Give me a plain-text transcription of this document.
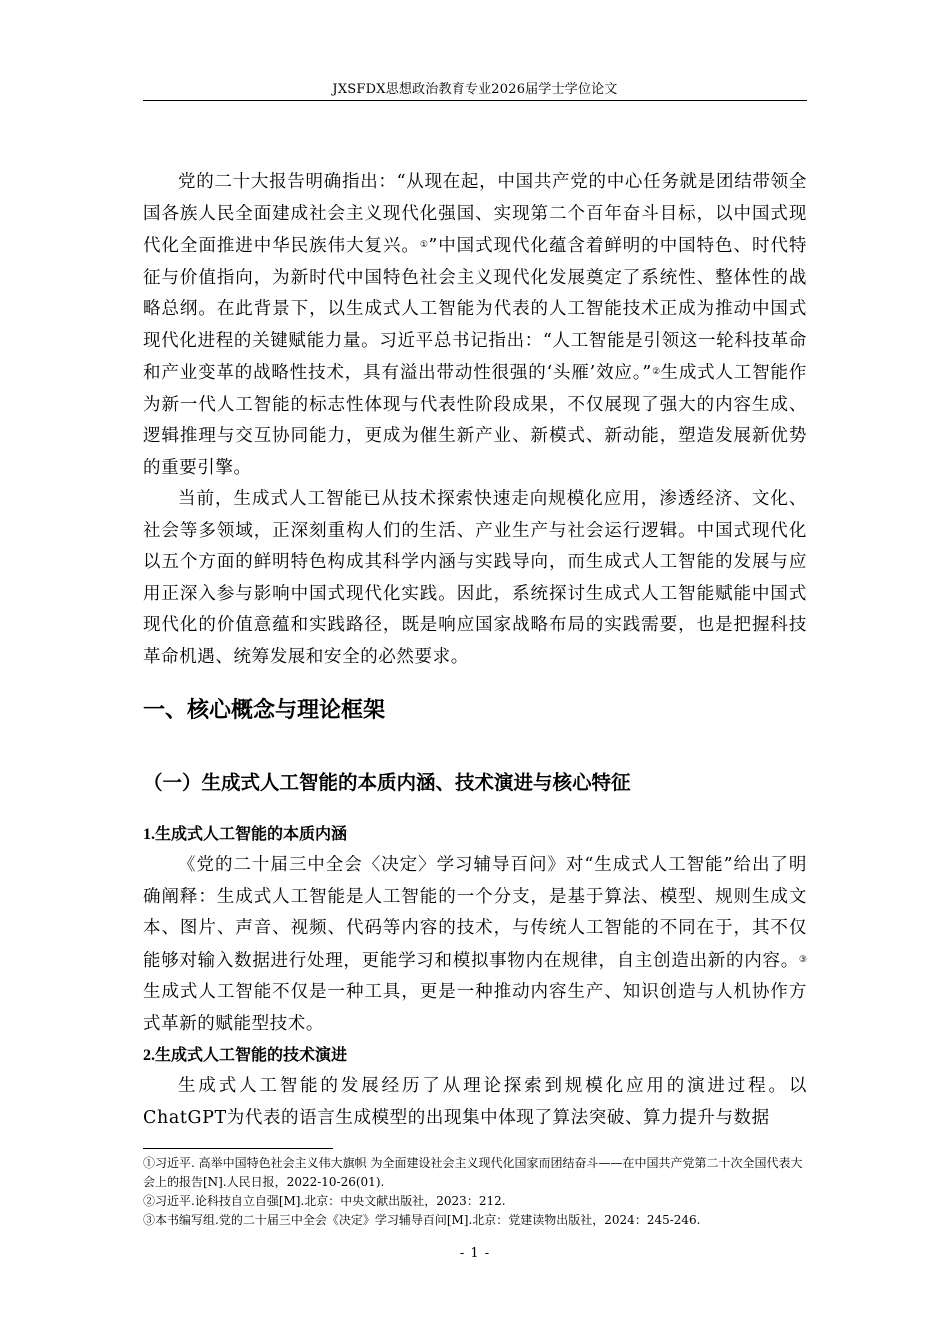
JXSFDX思想政治教育专业2026届学士学位论文

党的二十大报告明确指出：“从现在起，中国共产党的中心任务就是团结带领全国各族人民全面建成社会主义现代化强国、实现第二个百年奋斗目标，以中国式现代化全面推进中华民族伟大复兴。①”中国式现代化蕴含着鲜明的中国特色、时代特征与价值指向，为新时代中国特色社会主义现代化发展奠定了系统性、整体性的战略总纲。在此背景下，以生成式人工智能为代表的人工智能技术正成为推动中国式现代化进程的关键赋能力量。习近平总书记指出：“人工智能是引领这一轮科技革命和产业变革的战略性技术，具有溢出带动性很强的‘头雁’效应。”②生成式人工智能作为新一代人工智能的标志性体现与代表性阶段成果，不仅展现了强大的内容生成、逻辑推理与交互协同能力，更成为催生新产业、新模式、新动能，塑造发展新优势的重要引擎。

当前，生成式人工智能已从技术探索快速走向规模化应用，渗透经济、文化、社会等多领域，正深刻重构人们的生活、产业生产与社会运行逻辑。中国式现代化以五个方面的鲜明特色构成其科学内涵与实践导向，而生成式人工智能的发展与应用正深入参与影响中国式现代化实践。因此，系统探讨生成式人工智能赋能中国式现代化的价值意蕴和实践路径，既是响应国家战略布局的实践需要，也是把握科技革命机遇、统筹发展和安全的必然要求。

一、核心概念与理论框架
（一）生成式人工智能的本质内涵、技术演进与核心特征
1.生成式人工智能的本质内涵

《党的二十届三中全会〈决定〉学习辅导百问》对“生成式人工智能”给出了明确阐释：生成式人工智能是人工智能的一个分支，是基于算法、模型、规则生成文本、图片、声音、视频、代码等内容的技术，与传统人工智能的不同在于，其不仅能够对输入数据进行处理，更能学习和模拟事物内在规律，自主创造出新的内容。③生成式人工智能不仅是一种工具，更是一种推动内容生产、知识创造与人机协作方式革新的赋能型技术。

2.生成式人工智能的技术演进

生成式人工智能的发展经历了从理论探索到规模化应用的演进过程。以ChatGPT为代表的语言生成模型的出现集中体现了算法突破、算力提升与数据

①习近平. 高举中国特色社会主义伟大旗帜 为全面建设社会主义现代化国家而团结奋斗——在中国共产党第二十次全国代表大会上的报告[N].人民日报，2022-10-26(01).
②习近平.论科技自立自强[M].北京：中央文献出版社，2023：212.
③本书编写组.党的二十届三中全会《决定》学习辅导百问[M].北京：党建读物出版社，2024：245-246.
- 1 -
